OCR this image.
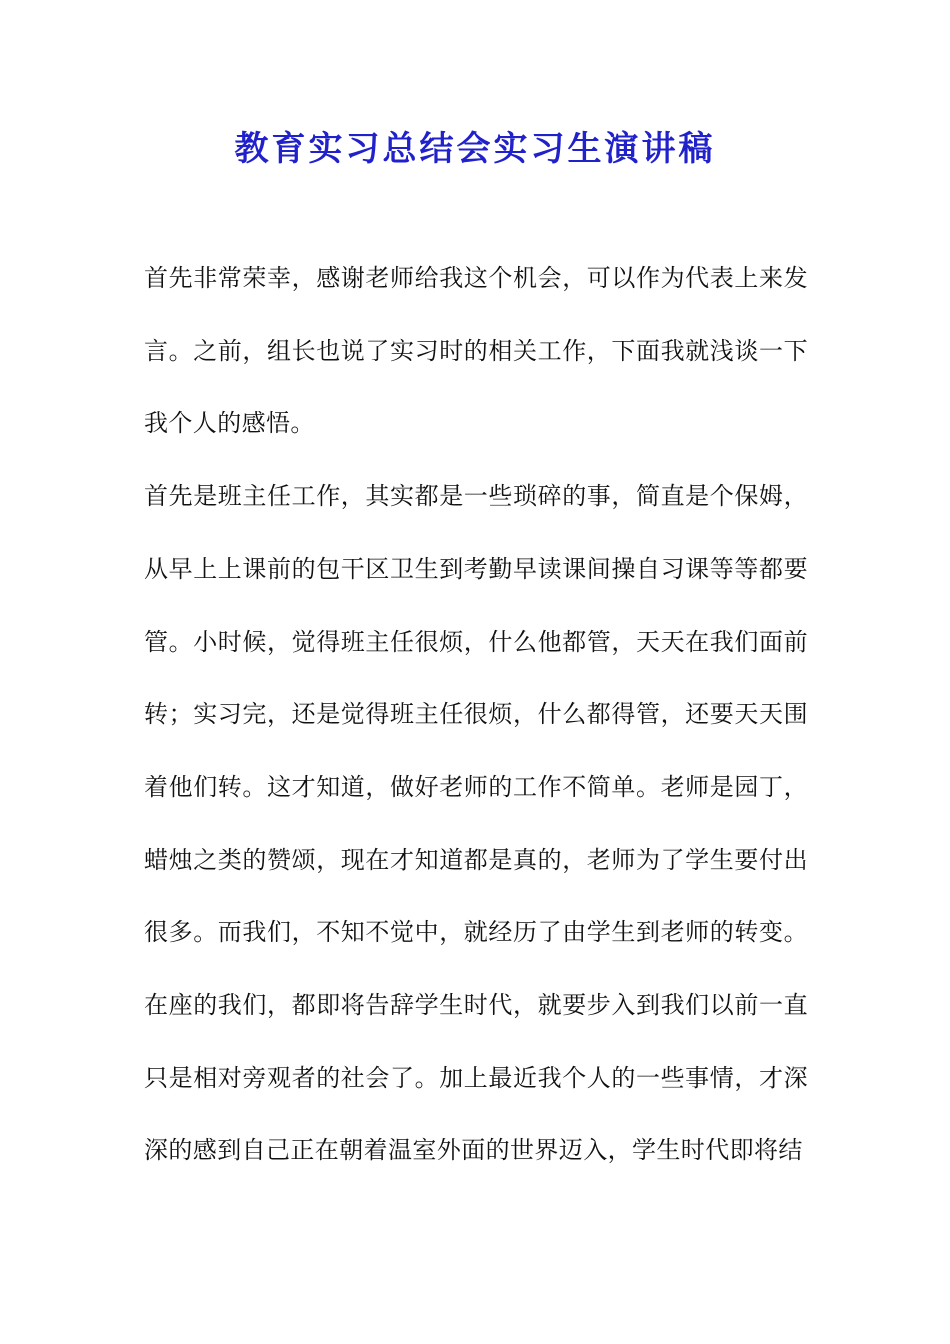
教育实习总结会实习生演讲稿

首先非常荣幸，感谢老师给我这个机会，可以作为代表上来发言。之前，组长也说了实习时的相关工作，下面我就浅谈一下我个人的感悟。

首先是班主任工作，其实都是一些琐碎的事，简直是个保姆，从早上上课前的包干区卫生到考勤早读课间操自习课等等都要管。小时候，觉得班主任很烦，什么他都管，天天在我们面前转；实习完，还是觉得班主任很烦，什么都得管，还要天天围着他们转。这才知道，做好老师的工作不简单。老师是园丁，蜡烛之类的赞颂，现在才知道都是真的，老师为了学生要付出很多。而我们，不知不觉中，就经历了由学生到老师的转变。在座的我们，都即将告辞学生时代，就要步入到我们以前一直只是相对旁观者的社会了。加上最近我个人的一些事情，才深深的感到自己正在朝着温室外面的世界迈入，学生时代即将结
